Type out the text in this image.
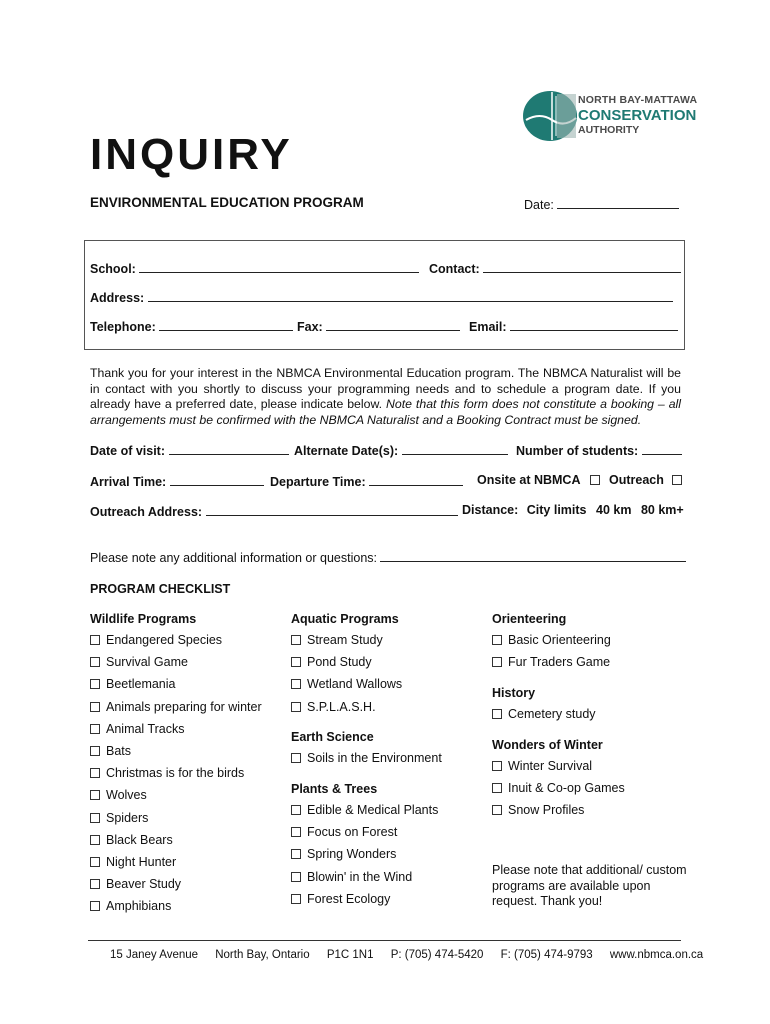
NORTH BAY-MATTAWA
CONSERVATION
AUTHORITY
INQUIRY
ENVIRONMENTAL EDUCATION PROGRAM	Date:
School:	Contact:
Address:
Telephone:	Fax:	Email:
Thank you for your interest in the NBMCA Environmental Education program. The NBMCA Naturalist will be in contact with you shortly to discuss your programming needs and to schedule a program date. If you already have a preferred date, please indicate below. Note that this form does not constitute a booking – all arrangements must be confirmed with the NBMCA Naturalist and a Booking Contract must be signed.
Date of visit:	Alternate Date(s):	Number of students:
Arrival Time:	Departure Time:	Onsite at NBMCA	Outreach
Outreach Address:	Distance: City limits 40 km 80 km+
Please note any additional information or questions:
PROGRAM CHECKLIST
Wildlife Programs
Endangered Species
Survival Game
Beetlemania
Animals preparing for winter
Animal Tracks
Bats
Christmas is for the birds
Wolves
Spiders
Black Bears
Night Hunter
Beaver Study
Amphibians
Aquatic Programs
Stream Study
Pond Study
Wetland Wallows
S.P.L.A.S.H.
Earth Science
Soils in the Environment
Plants & Trees
Edible & Medical Plants
Focus on Forest
Spring Wonders
Blowin' in the Wind
Forest Ecology
Orienteering
Basic Orienteering
Fur Traders Game
History
Cemetery study
Wonders of Winter
Winter Survival
Inuit & Co-op Games
Snow Profiles
Please note that additional/ custom
programs are available upon
request. Thank you!
15 Janey Avenue North Bay, Ontario P1C 1N1 P: (705) 474-5420 F: (705) 474-9793 www.nbmca.on.ca
